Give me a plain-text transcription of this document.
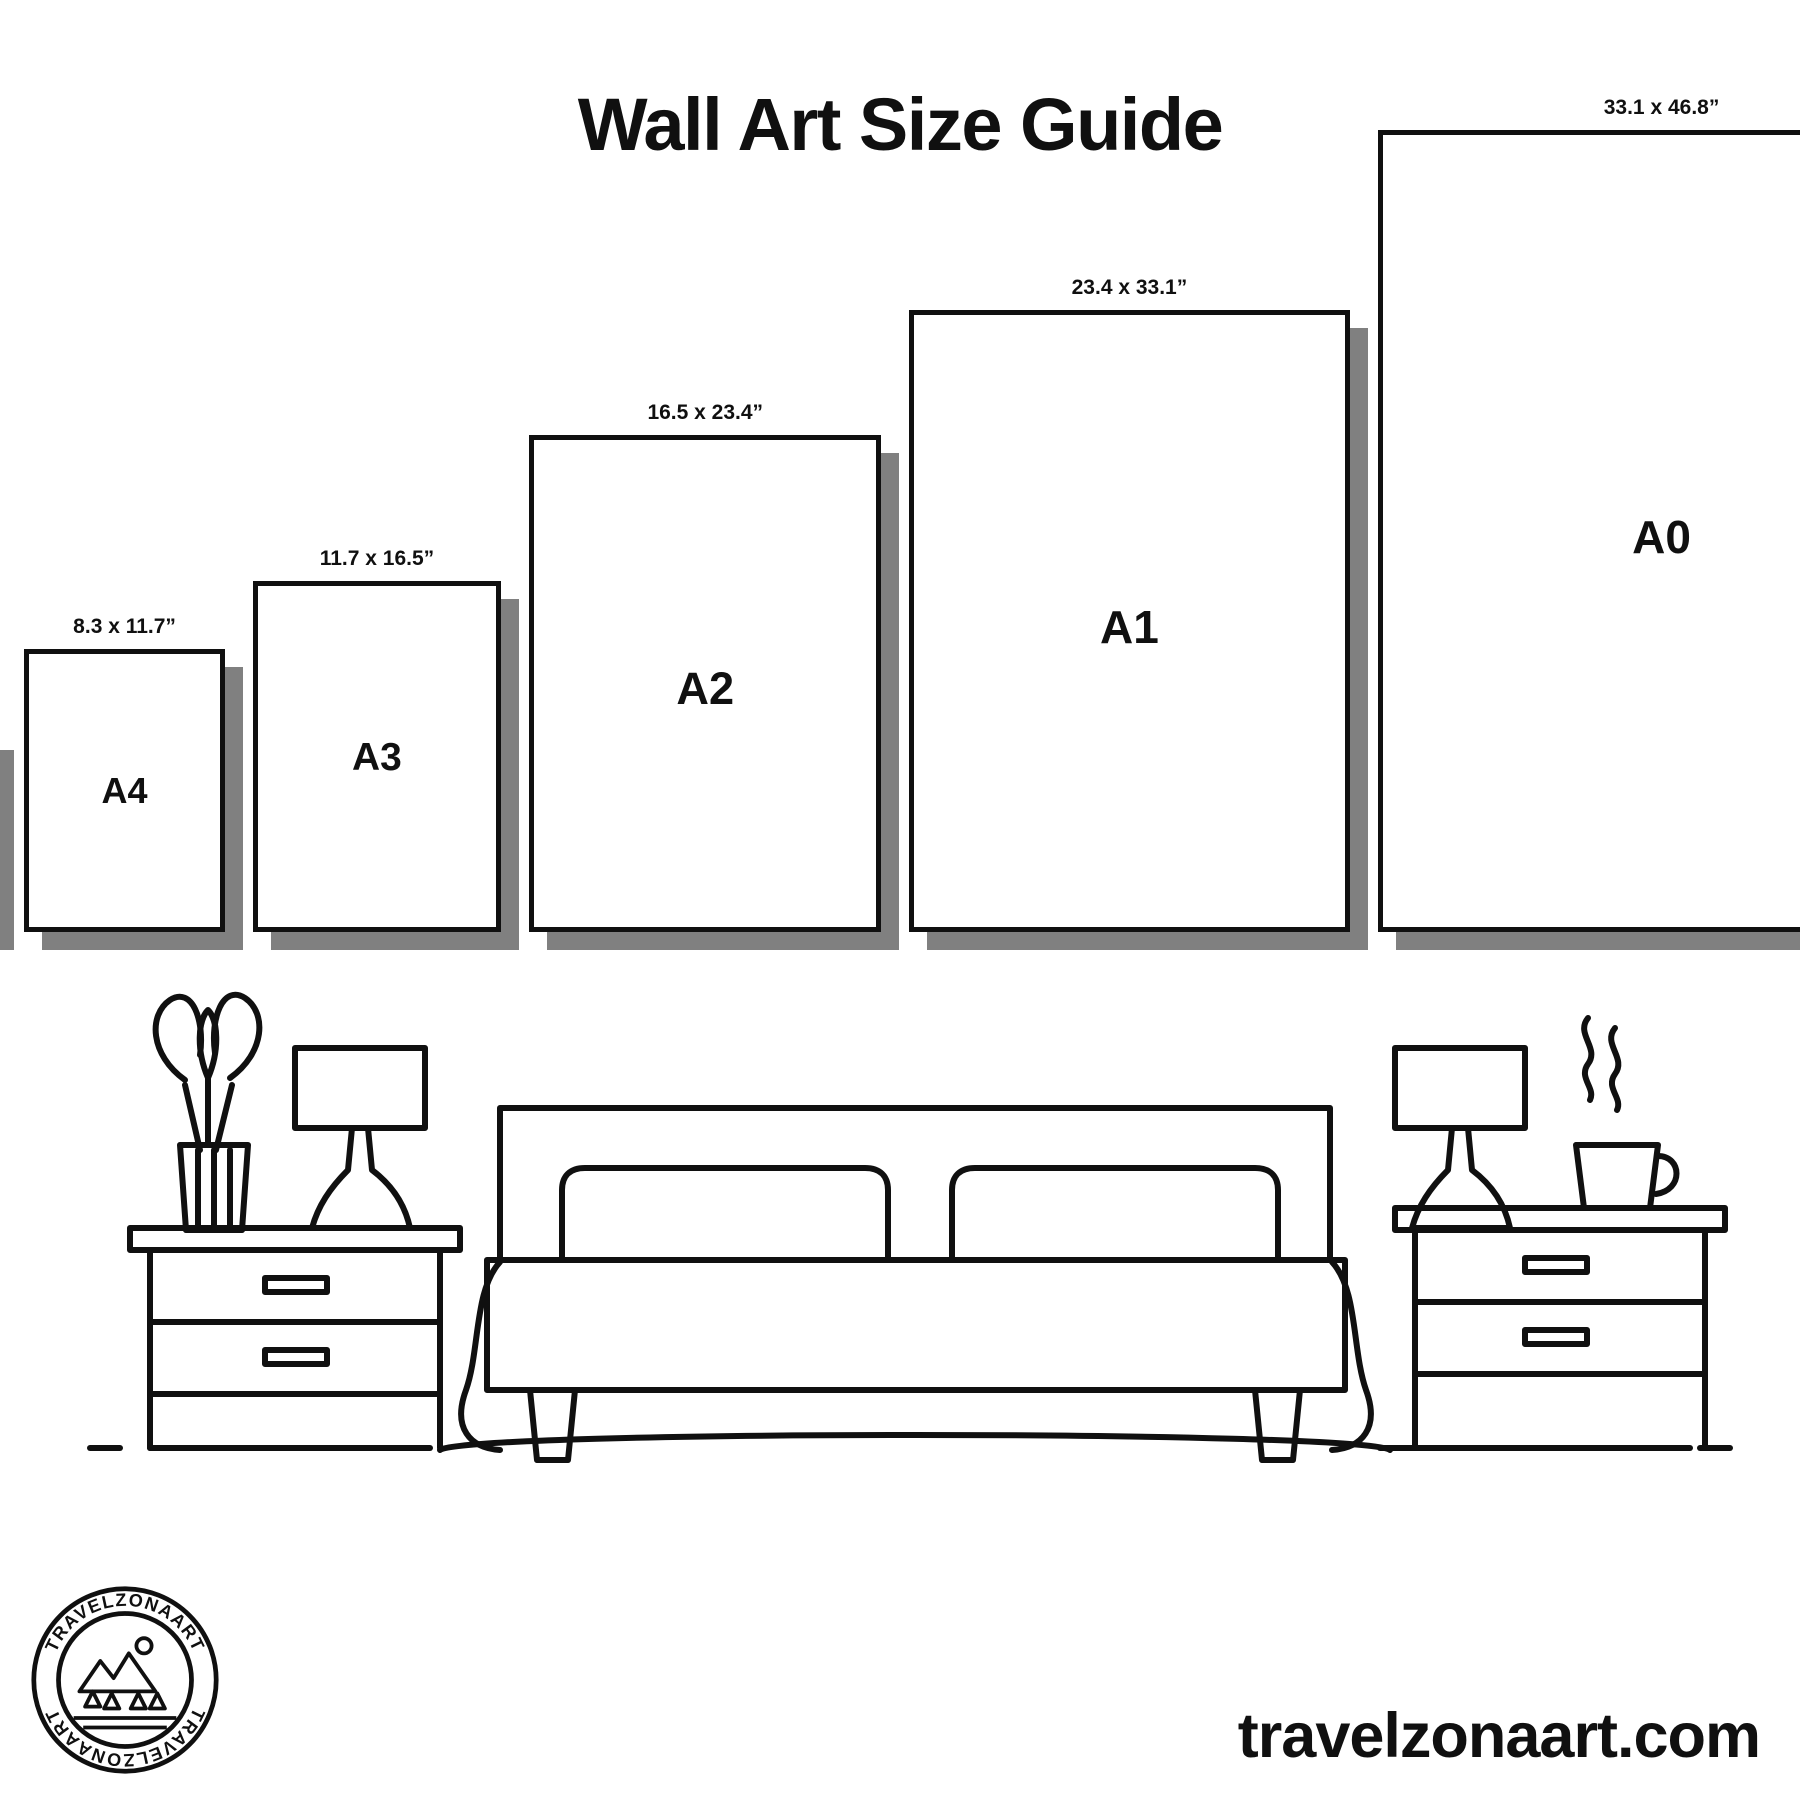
Wall Art Size Guide
8.3 x 11.7”
A4
11.7 x 16.5”
A3
16.5 x 23.4”
A2
23.4 x 33.1”
A1
33.1 x 46.8”
A0
TRAVELZONAART
TRAVELZONAART	travelzonaart.com
